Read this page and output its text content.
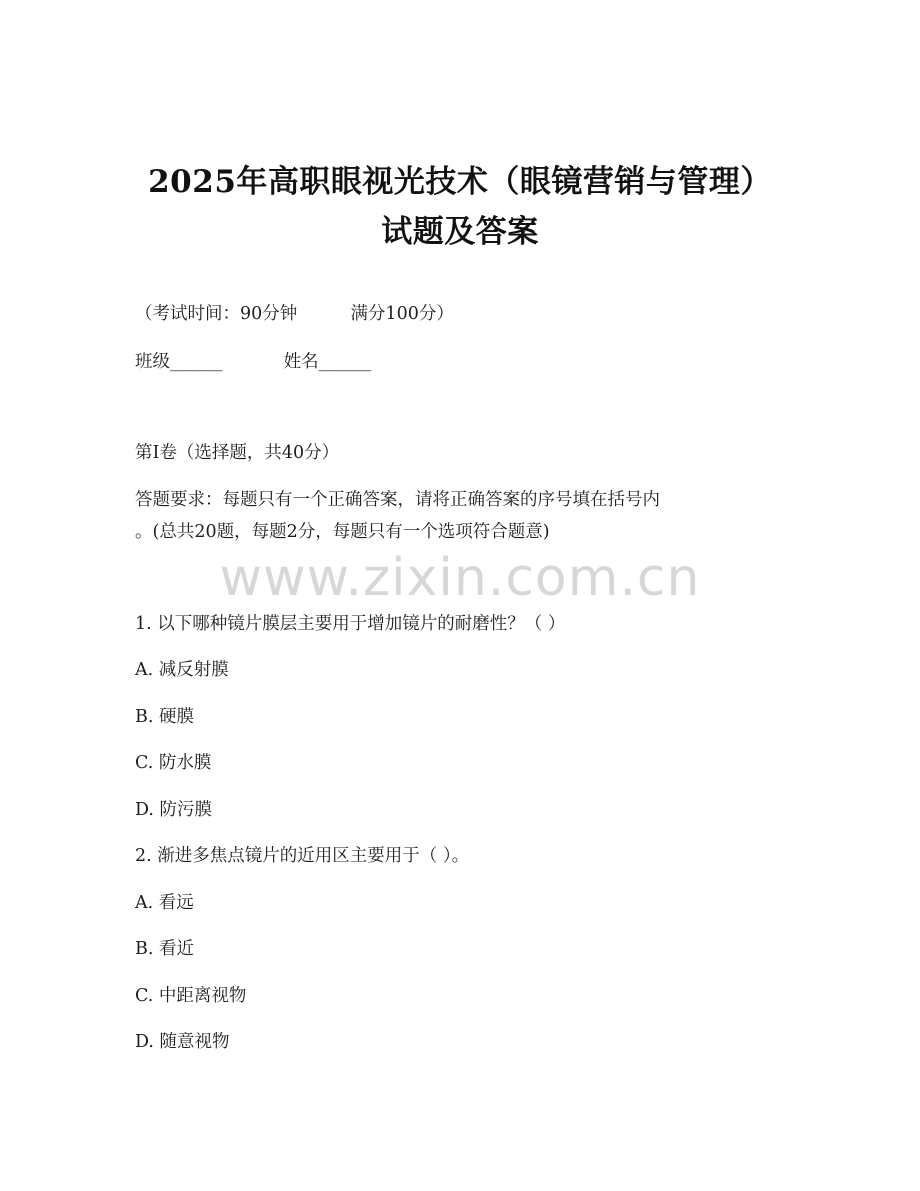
2025年高职眼视光技术（眼镜营销与管理）
试题及答案
（考试时间：90分钟	满分100分）
班级______	姓名______
第I卷（选择题，共40分）
答题要求：每题只有一个正确答案，请将正确答案的序号填在括号内
。(总共20题，每题2分，每题只有一个选项符合题意)
www.zixin.com.cn
1. 以下哪种镜片膜层主要用于增加镜片的耐磨性？（ ）
A. 减反射膜
B. 硬膜
C. 防水膜
D. 防污膜
2. 渐进多焦点镜片的近用区主要用于（ ）。
A. 看远
B. 看近
C. 中距离视物
D. 随意视物
